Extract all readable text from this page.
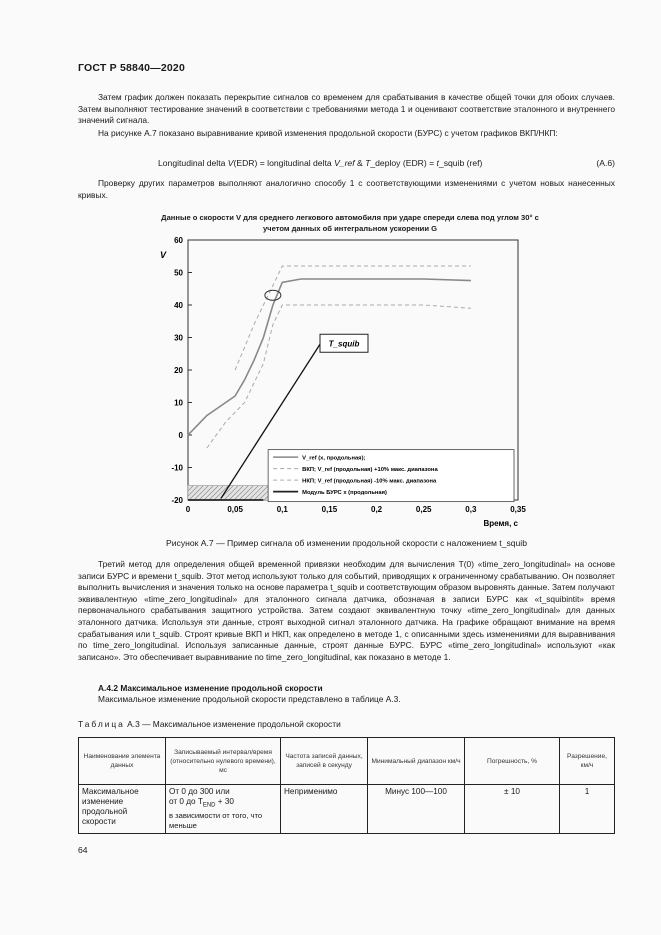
ГОСТ Р 58840—2020
Затем график должен показать перекрытие сигналов со временем для срабатывания в качестве общей точки для обоих случаев. Затем выполняют тестирование значений в соответствии с требованиями метода 1 и оценивают соответствие эталонного и внутреннего значений сигнала.
На рисунке А.7 показано выравнивание кривой изменения продольной скорости (БУРС) с учетом графиков ВКП/НКП:
Longitudinal delta V(EDR) = longitudinal delta V_ref & T_deploy (EDR) = t_squib (ref)	(А.6)
Проверку других параметров выполняют аналогично способу 1 с соответствующими изменениями с учетом новых нанесенных кривых.
Данные о скорости V для среднего легкового автомобиля при ударе спереди слева под углом 30° с учетом данных об интегральном ускорении G
60
50
40
30
20
10
0
-10
-20
0	0,05	0,1	0,15	0,2	0,25	0,3	0,35
V
Время, с
T_squib
V_ref (x, продольная);
ВКП; V_ref (продольная) +10% макс. диапазона
НКП; V_ref (продольная) -10% макс. диапазона
Модуль БУРС x (продольная)
Рисунок А.7 — Пример сигнала об изменении продольной скорости с наложением t_squib
Третий метод для определения общей временной привязки необходим для вычисления T(0) «time_zero_longitudinal» на основе записи БУРС и времени t_squib. Этот метод используют только для событий, приводящих к ограниченному срабатыванию. Он позволяет выполнить вычисления и значения только на основе параметра t_squib и соответствующим образом выровнять данные. Затем получают эквивалентную «time_zero_longitudinal» для эталонного сигнала датчика, обозначая в записи БУРС как «t_squibintit» время первоначального срабатывания защитного устройства. Затем создают эквивалентную точку «time_zero_longitudinal» для данных эталонного датчика. Используя эти данные, строят выходной сигнал эталонного датчика. На графике обращают внимание на время срабатывания или t_squib. Строят кривые ВКП и НКП, как определено в методе 1, с описанными здесь изменениями для выравнивания по time_zero_longitudinal. Используя записанные данные, строят данные БУРС. БУРС «time_zero_longitudinal» используют «как записано». Это обеспечивает выравнивание по time_zero_longitudinal, как показано в методе 1.
А.4.2 Максимальное изменение продольной скорости
Максимальное изменение продольной скорости представлено в таблице А.3.
Таблица А.3 — Максимальное изменение продольной скорости
Наименование элемента данных	Записываемый интервал/время (относительно нулевого времени), мс	Частота записей данных, записей в секунду	Минимальный диапазон км/ч	Погрешность, %	Разрешение, км/ч
Максимальное изменение продольной скорости	От 0 до 300 или
от 0 до $T_{END} + 30$
в зависимости от того, что меньше	Неприменимо	Минус 100—100	± 10	1
64
